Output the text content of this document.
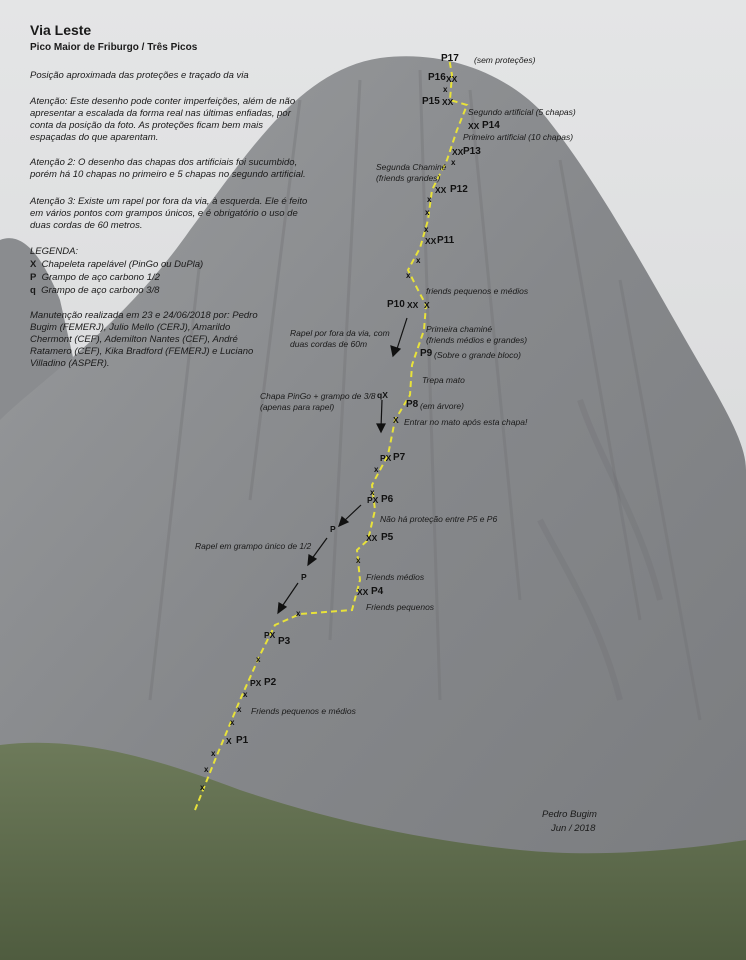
x
x
x
x
x
x
x
x
x
x
x
x
x
x
x
x
x
x
Via Leste
Pico Maior de Friburgo / Três Picos
Posição aproximada das proteções e traçado da via
Atenção: Este desenho pode conter imperfeições, além de não apresentar a escalada da forma real nas últimas enfiadas, por conta da posição da foto. As proteções ficam bem mais espaçadas do que aparentam.
Atenção 2: O desenho das chapas dos artificiais foi sucumbido, porém há 10 chapas no primeiro e 5 chapas no segundo artificial.
Atenção 3: Existe um rapel por fora da via, à esquerda. Ele é feito em vários pontos com grampos únicos, e é obrigatório o uso de duas cordas de 60 metros.
LEGENDA:
X Chapeleta rapelável (PinGo ou DuPla)
P Grampo de aço carbono 1/2
q Grampo de aço carbono 3/8
Manutenção realizada em 23 e 24/06/2018 por: Pedro Bugim (FEMERJ), Julio Mello (CERJ), Amarildo Chermont (CEF), Ademilton Nantes (CEF), André Ratamero (CEF), Kika Bradford (FEMERJ) e Luciano Villadino (ASPER).
P1
P2
P3
P4
P5
P6
P7
P8
P9
P10
P11
P12
P13
P14
P15
P16
P17
XX
XX
XX
XX
XX
XX
XX X
X
qX
PX
PX
XX
XX
PX
PX
X
P
P
(sem proteções)
Segundo artificial (5 chapas)
Primeiro artificial (10 chapas)
Segunda Chaminé
(friends grandes)
friends pequenos e médios
Primeira chaminé
(friends médios e grandes)
(Sobre o grande bloco)
Trepa mato
(em árvore)
Entrar no mato após esta chapa!
Não há proteção entre P5 e P6
Friends médios
Friends pequenos
Friends pequenos e médios
Rapel por fora da via, com
duas cordas de 60m
Chapa PinGo + grampo de 3/8
(apenas para rapel)
Rapel em grampo único de 1/2
Pedro Bugim
Jun / 2018
